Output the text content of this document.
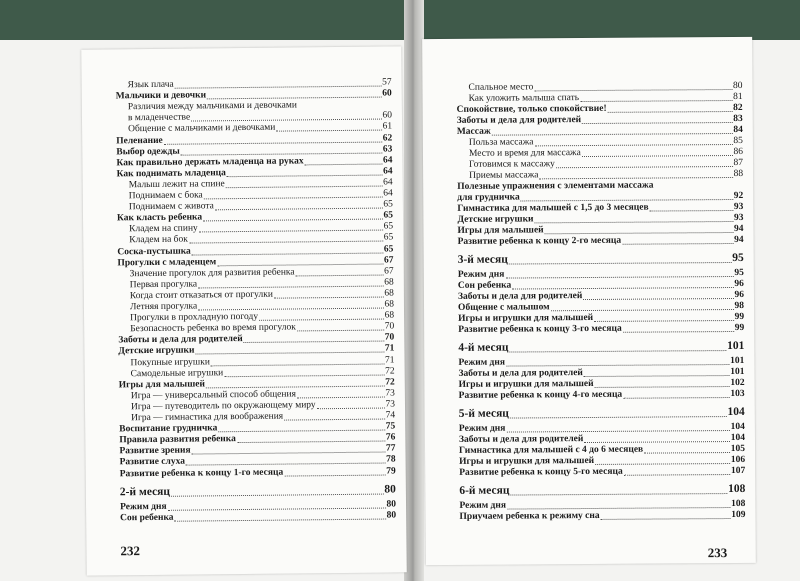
Язык плача	57
Мальчики и девочки	60
Различия между мальчиками и девочками
в младенчестве	60
Общение с мальчиками и девочками	61
Пеленание	62
Выбор одежды	63
Как правильно держать младенца на руках	64
Как поднимать младенца	64
Малыш лежит на спине	64
Поднимаем с бока	64
Поднимаем с живота	65
Как класть ребенка	65
Кладем на спину	65
Кладем на бок	65
Соска-пустышка	65
Прогулки с младенцем	67
Значение прогулок для развития ребенка	67
Первая прогулка	68
Когда стоит отказаться от прогулки	68
Летняя прогулка	68
Прогулки в прохладную погоду	68
Безопасность ребенка во время прогулок	70
Заботы и дела для родителей	70
Детские игрушки	71
Покупные игрушки	71
Самодельные игрушки	72
Игры для малышей	72
Игра — универсальный способ общения	73
Игра — путеводитель по окружающему миру	73
Игра — гимнастика для воображения	74
Воспитание грудничка	75
Правила развития ребенка	76
Развитие зрения	77
Развитие слуха	78
Развитие ребенка к концу 1-го месяца	79
2-й месяц	80
Режим дня	80
Сон ребенка	80
232
Спальное место	80
Как уложить малыша спать	81
Спокойствие, только спокойствие!	82
Заботы и дела для родителей	83
Массаж	84
Польза массажа	85
Место и время для массажа	86
Готовимся к массажу	87
Приемы массажа	88
Полезные упражнения с элементами массажа
для грудничка	92
Гимнастика для малышей с 1,5 до 3 месяцев	93
Детские игрушки	93
Игры для малышей	94
Развитие ребенка к концу 2-го месяца	94
3-й месяц	95
Режим дня	95
Сон ребенка	96
Заботы и дела для родителей	96
Общение с малышом	98
Игры и игрушки для малышей	99
Развитие ребенка к концу 3-го месяца	99
4-й месяц	101
Режим дня	101
Заботы и дела для родителей	101
Игры и игрушки для малышей	102
Развитие ребенка к концу 4-го месяца	103
5-й месяц	104
Режим дня	104
Заботы и дела для родителей	104
Гимнастика для малышей с 4 до 6 месяцев	105
Игры и игрушки для малышей	106
Развитие ребенка к концу 5-го месяца	107
6-й месяц	108
Режим дня	108
Приучаем ребенка к режиму сна	109
233
